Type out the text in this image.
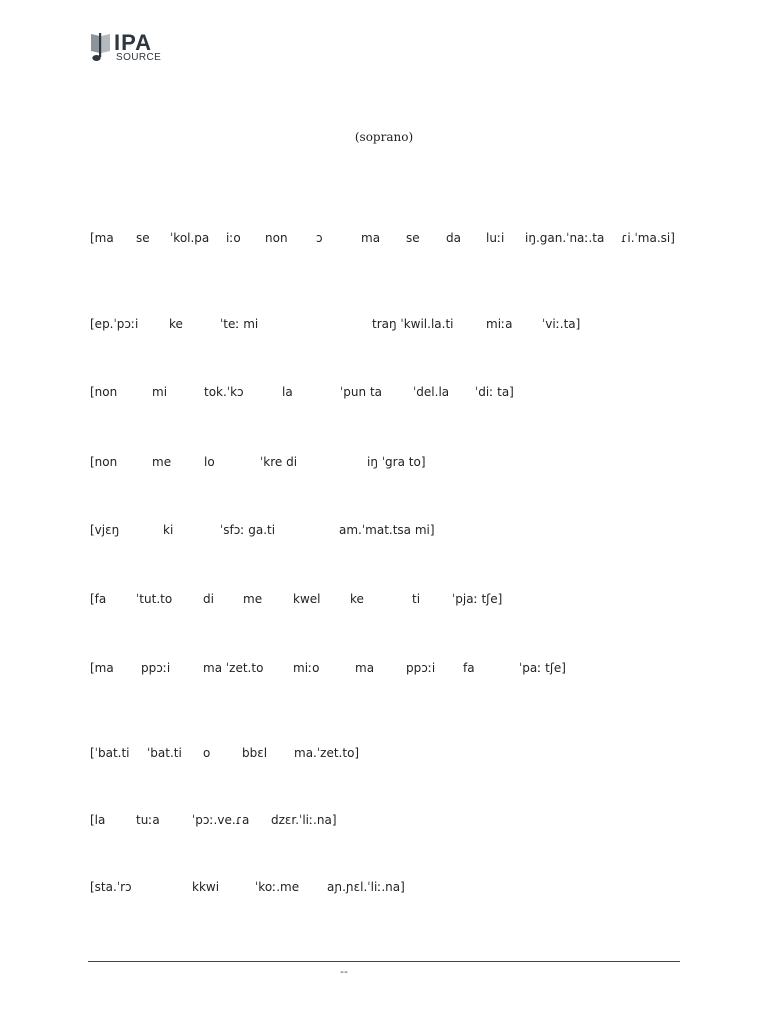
IPA
SOURCE
(soprano)
[ma se ˈkol.pa iːo non ɔ	ma se da luːi iŋ.gan.ˈnaː.ta ɾi.ˈma.si]
[ep.ˈpɔːi	ke	ˈteː mi	traŋ ˈkwil.la.ti	miːa ˈviː.ta]
[non	mi	tok.ˈkɔ	la	ˈpun ta	ˈdel.la ˈdiː ta]
[non	me	lo	ˈkre di	iŋ ˈgra to]
[vjɛŋ	ki	ˈsfɔː ga.ti	am.ˈmat.tsa mi]
[fa ˈtut.to	di me	kwel ke	ti	ˈpjaː tʃe]
[ma ppɔːi	ma ˈzet.to miːo	ma	ppɔːi fa	ˈpaː tʃe]
[ˈbat.ti ˈbat.ti o	bbɛl ma.ˈzet.to]
[la	tuːa	ˈpɔː.ve.ɾa dzɛr.ˈliː.na]
[sta.ˈrɔ	kkwi	ˈkoː.me aɲ.ɲɛl.ˈliː.na]
--
